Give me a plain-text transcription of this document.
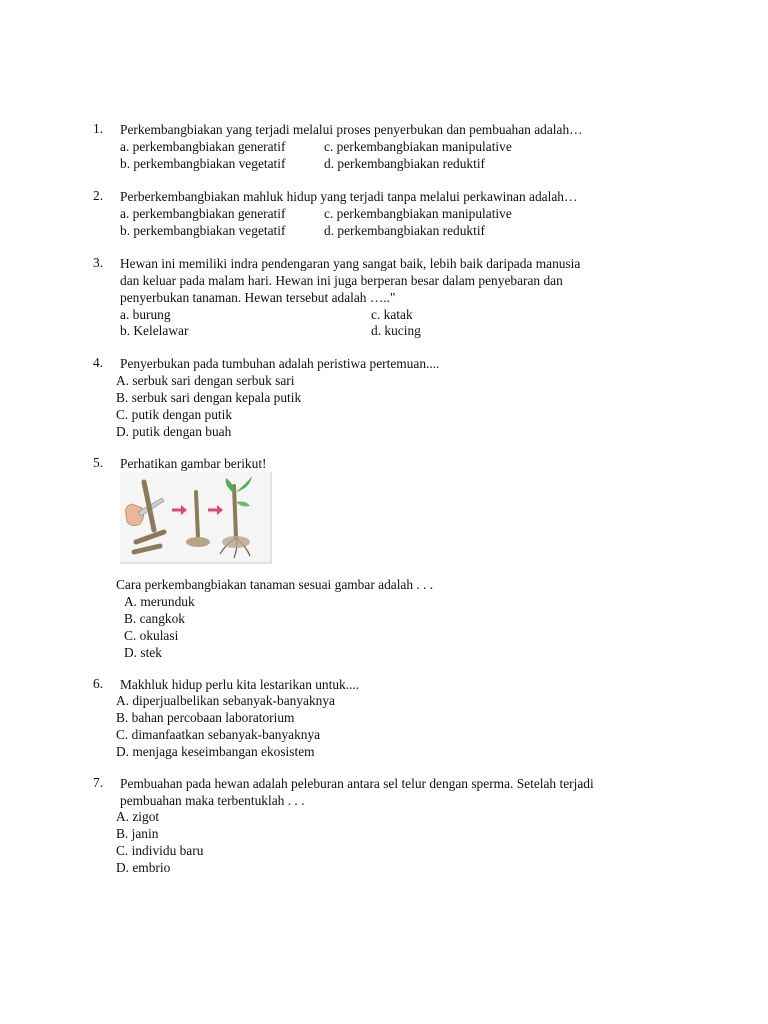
1. Perkembangbiakan yang terjadi melalui proses penyerbukan dan pembuahan adalah…
a. perkembangbiakan generatif	c. perkembangbiakan manipulative
b. perkembangbiakan vegetatif	d. perkembangbiakan reduktif
2. Perberkembangbiakan mahluk hidup yang terjadi tanpa melalui perkawinan adalah…
a. perkembangbiakan generatif	c. perkembangbiakan manipulative
b. perkembangbiakan vegetatif	d. perkembangbiakan reduktif
3. Hewan ini memiliki indra pendengaran yang sangat baik, lebih baik daripada manusia
dan keluar pada malam hari. Hewan ini juga berperan besar dalam penyebaran dan
penyerbukan tanaman. Hewan tersebut adalah ….."
a. burung	c. katak
b. Kelelawar	d. kucing
4. Penyerbukan pada tumbuhan adalah peristiwa pertemuan....
A. serbuk sari dengan serbuk sari
B. serbuk sari dengan kepala putik
C. putik dengan putik
D. putik dengan buah
5. Perhatikan gambar berikut!
Cara perkembangbiakan tanaman sesuai gambar adalah . . .
A. merunduk
B. cangkok
C. okulasi
D. stek
6. Makhluk hidup perlu kita lestarikan untuk....
A. diperjualbelikan sebanyak-banyaknya
B. bahan percobaan laboratorium
C. dimanfaatkan sebanyak-banyaknya
D. menjaga keseimbangan ekosistem
7. Pembuahan pada hewan adalah peleburan antara sel telur dengan sperma. Setelah terjadi
pembuahan maka terbentuklah . . .
A. zigot
B. janin
C. individu baru
D. embrio
